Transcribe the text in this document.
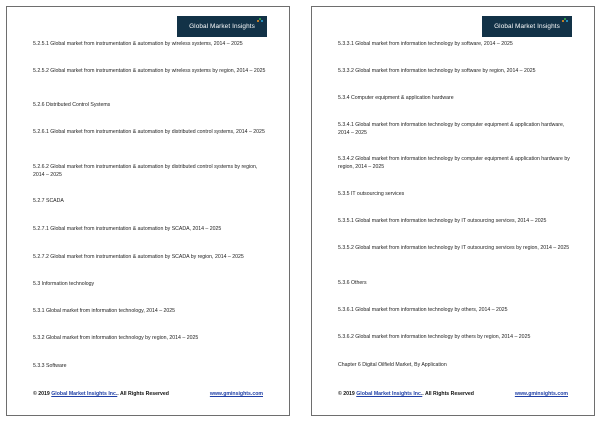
Global Market Insights
5.2.5.1 Global market from instrumentation & automation by wireless systems, 2014 – 2025
5.2.5.2 Global market from instrumentation & automation by wireless systems by region, 2014 – 2025
5.2.6 Distributed Control Systems
5.2.6.1 Global market from instrumentation & automation by distributed control systems, 2014 – 2025
5.2.6.2 Global market from instrumentation & automation by distributed control systems by region, 2014 – 2025
5.2.7 SCADA
5.2.7.1 Global market from instrumentation & automation by SCADA, 2014 – 2025
5.2.7.2 Global market from instrumentation & automation by SCADA by region, 2014 – 2025
5.3 Information technology
5.3.1 Global market from information technology, 2014 – 2025
5.3.2 Global market from information technology by region, 2014 – 2025
5.3.3 Software
© 2019 Global Market Insights Inc.. All Rights Reserved	www.gminsights.com
Global Market Insights
5.3.3.1 Global market from information technology by software, 2014 – 2025
5.3.3.2 Global market from information technology by software by region, 2014 – 2025
5.3.4 Computer equipment & application hardware
5.3.4.1 Global market from information technology by computer equipment & application hardware, 2014 – 2025
5.3.4.2 Global market from information technology by computer equipment & application hardware by region, 2014 – 2025
5.3.5 IT outsourcing services
5.3.5.1 Global market from information technology by IT outsourcing services, 2014 – 2025
5.3.5.2 Global market from information technology by IT outsourcing services by region, 2014 – 2025
5.3.6 Others
5.3.6.1 Global market from information technology by others, 2014 – 2025
5.3.6.2 Global market from information technology by others by region, 2014 – 2025
Chapter 6 Digital Oilfield Market, By Application
© 2019 Global Market Insights Inc.. All Rights Reserved	www.gminsights.com
